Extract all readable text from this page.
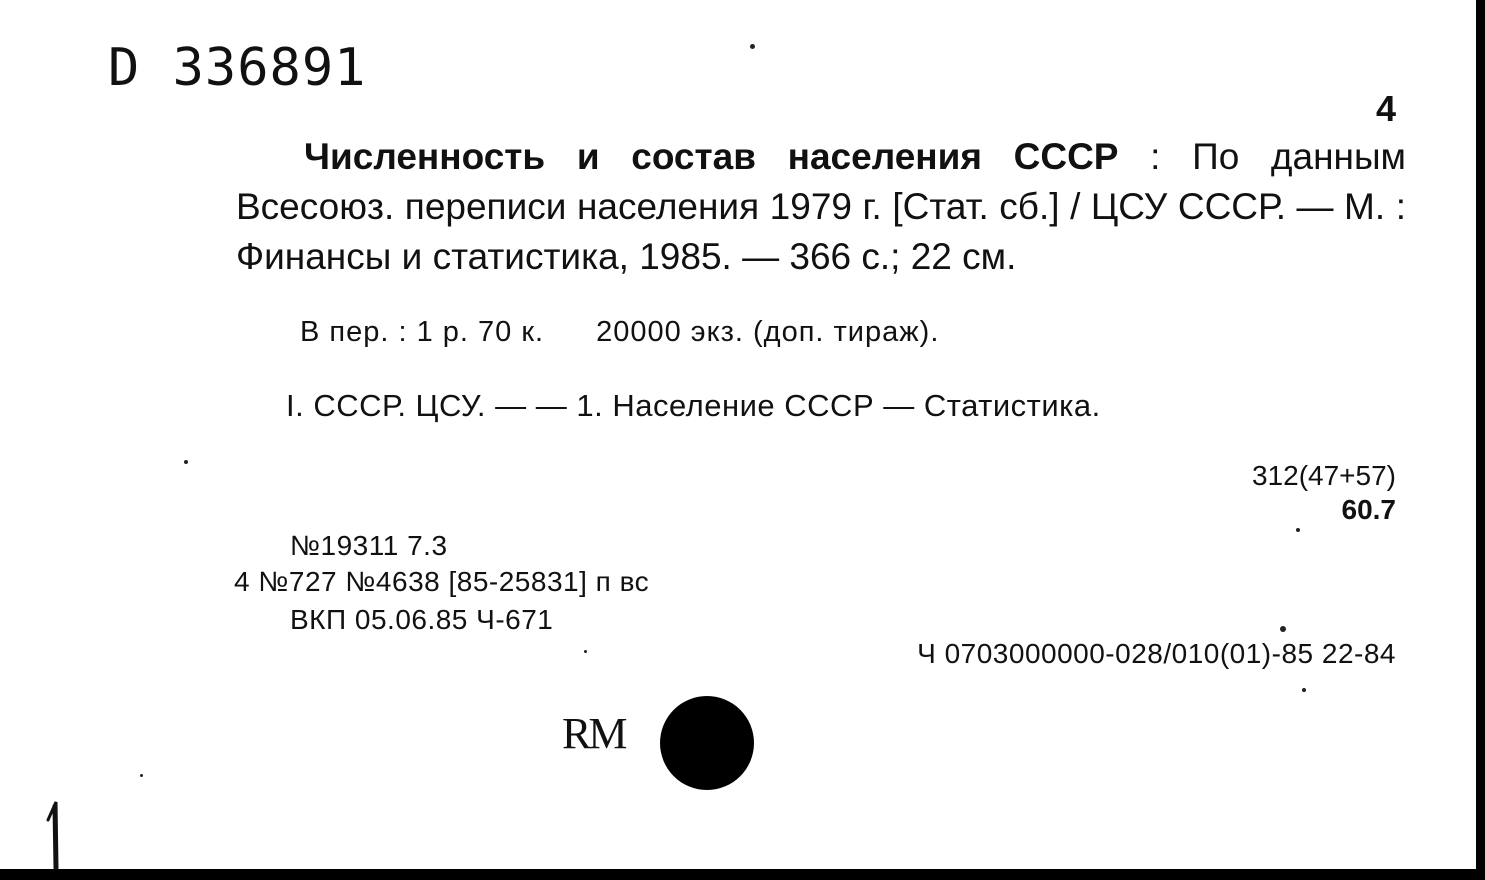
D 336891
4
Численность и состав населения СССР : По данным Всесоюз. переписи населения 1979 г. [Стат. сб.] / ЦСУ СССР. — М. : Финансы и статистика, 1985. — 366 с.; 22 см.
В пер. : 1 р. 70 к. 20000 экз. (доп. тираж).
I. СССР. ЦСУ. — — 1. Население СССР — Статистика.
312(47+57)
60.7
№19311 7.3
4 №727 №4638 [85-25831] п вс
ВКП 05.06.85 Ч-671
Ч 0703000000-028/010(01)-85 22-84
RM
